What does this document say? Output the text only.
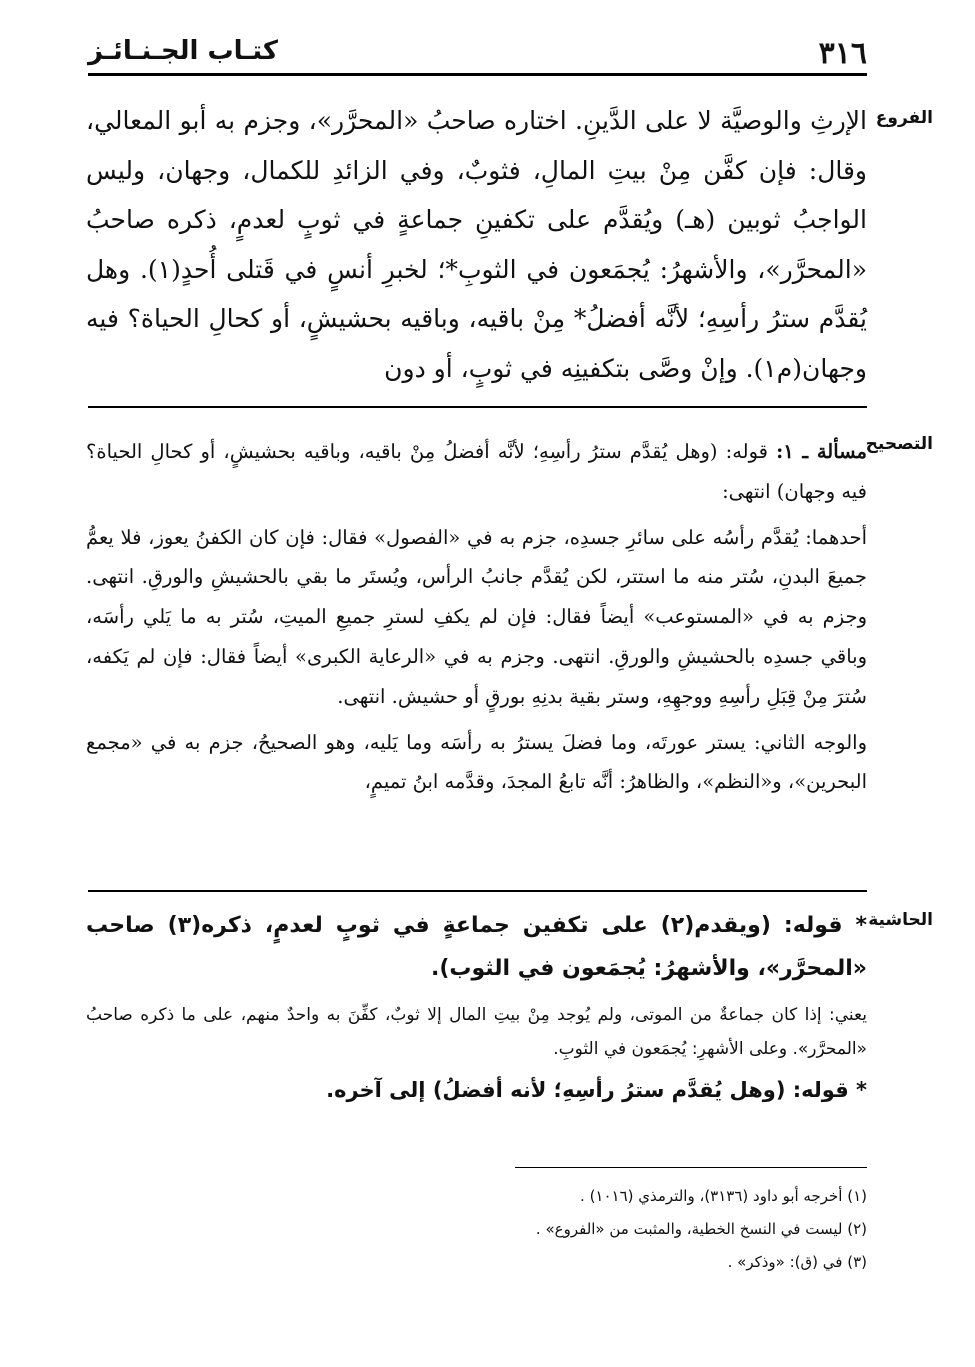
٣١٦
كتـاب الجـنـائـز
الفروع

الإرثِ والوصيَّة لا على الدَّينِ. اختاره صاحبُ «المحرَّر»، وجزم به أبو المعالي، وقال: فإن كفَّن مِنْ بيتِ المالِ، فثوبٌ، وفي الزائدِ للكمال، وجهان، وليس الواجبُ ثوبين (هـ) ويُقدَّم على تكفينِ جماعةٍ في ثوبٍ لعدمٍ، ذكره صاحبُ «المحرَّر»، والأشهرُ: يُجمَعون في الثوبِ*؛ لخبرِ أنسٍ في قَتلى أُحدٍ(١). وهل يُقدَّم سترُ رأسِهِ؛ لأنَّه أفضلُ* مِنْ باقيه، وباقيه بحشيشٍ، أو كحالِ الحياة؟ فيه وجهان(م١). وإنْ وصَّى بتكفينِه في ثوبٍ، أو دون

التصحيح

مسألة ـ ١: قوله: (وهل يُقدَّم سترُ رأسِهِ؛ لأنَّه أفضلُ مِنْ باقيه، وباقيه بحشيشٍ، أو كحالِ الحياة؟ فيه وجهان) انتهى:

أحدهما: يُقدَّم رأسُه على سائرِ جسدِه، جزم به في «الفصول» فقال: فإن كان الكفنُ يعوز، فلا يعمُّ جميعَ البدنِ، سُتر منه ما استتر، لكن يُقدَّم جانبُ الرأس، ويُستَر ما بقي بالحشيشِ والورقِ. انتهى. وجزم به في «المستوعب» أيضاً فقال: فإن لم يكفِ لسترِ جميعِ الميتِ، سُتر به ما يَلي رأسَه، وباقي جسدِه بالحشيشِ والورقِ. انتهى. وجزم به في «الرعاية الكبرى» أيضاً فقال: فإن لم يَكفه، سُترَ مِنْ قِبَلِ رأسِهِ ووجهِهِ، وستر بقية بدنِهِ بورقٍ أو حشيش. انتهى.

والوجه الثاني: يستر عورتَه، وما فضلَ يسترُ به رأسَه وما يَليه، وهو الصحيحُ، جزم به في «مجمع البحرين»، و«النظم»، والظاهرُ: أنَّه تابعُ المجدَ، وقدَّمه ابنُ تميمٍ،

الحاشية

* قوله: (ويقدم(٢) على تكفين جماعةٍ في ثوبٍ لعدمٍ، ذكره(٣) صاحب «المحرَّر»، والأشهرُ: يُجمَعون في الثوب).

يعني: إذا كان جماعةٌ من الموتى، ولم يُوجد مِنْ بيتِ المال إلا ثوبٌ، كفِّنَ به واحدٌ منهم، على ما ذكره صاحبُ «المحرَّر». وعلى الأشهرِ: يُجمَعون في الثوبِ.

* قوله: (وهل يُقدَّم سترُ رأسِهِ؛ لأنه أفضلُ) إلى آخره.

(١) أخرجه أبو داود (٣١٣٦)، والترمذي (١٠١٦) .

(٢) ليست في النسخ الخطية، والمثبت من «الفروع» .

(٣) في (ق): «وذكر» .
